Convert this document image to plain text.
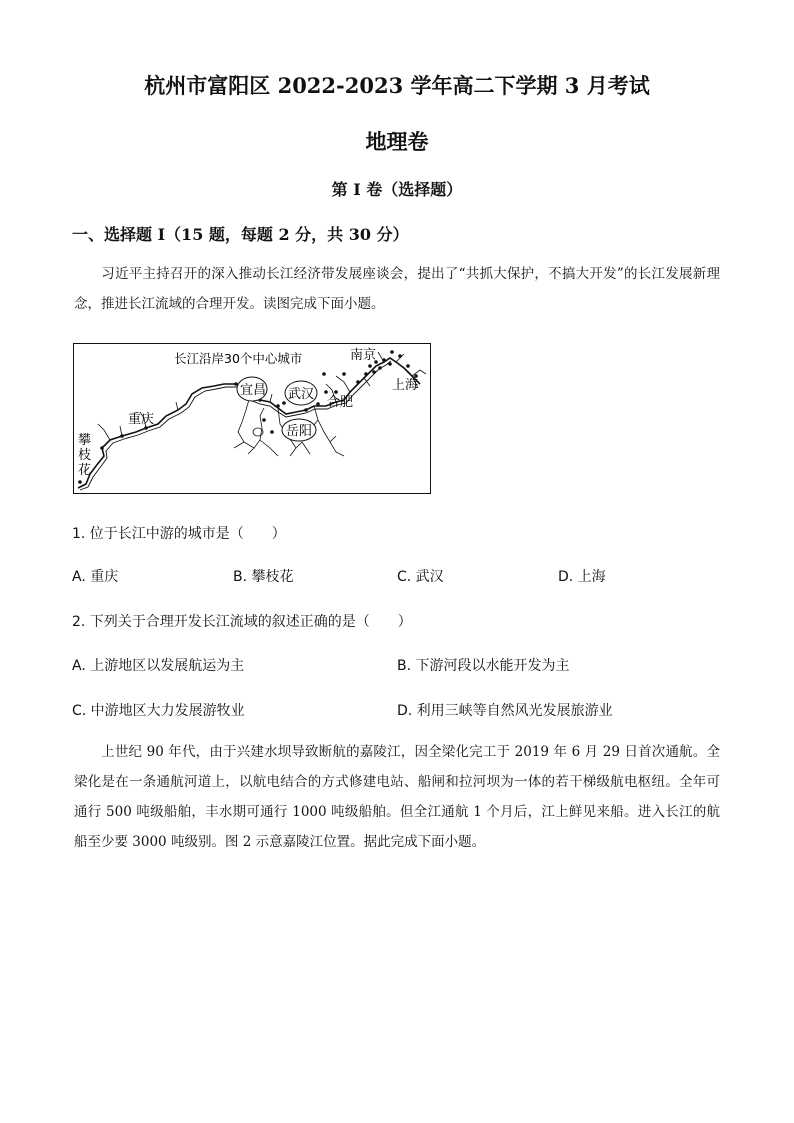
杭州市富阳区 2022-2023 学年高二下学期 3 月考试
地理卷
第 I 卷（选择题）
一、选择题 I（15 题，每题 2 分，共 30 分）
习近平主持召开的深入推动长江经济带发展座谈会，提出了“共抓大保护，不搞大开发”的长江发展新理念，推进长江流域的合理开发。读图完成下面小题。
长江沿岸30个中心城市	南京
上海
合肥
宜昌 武汉
岳阳
重庆
攀
枝
花
1. 位于长江中游的城市是（　　）
A. 重庆	B. 攀枝花	C. 武汉	D. 上海
2. 下列关于合理开发长江流域的叙述正确的是（　　）
A. 上游地区以发展航运为主	B. 下游河段以水能开发为主
C. 中游地区大力发展游牧业	D. 利用三峡等自然风光发展旅游业
上世纪 90 年代，由于兴建水坝导致断航的嘉陵江，因全梁化完工于 2019 年 6 月 29 日首次通航。全梁化是在一条通航河道上，以航电结合的方式修建电站、船闸和拉河坝为一体的若干梯级航电枢纽。全年可通行 500 吨级船舶，丰水期可通行 1000 吨级船舶。但全江通航 1 个月后，江上鲜见来船。进入长江的航船至少要 3000 吨级别。图 2 示意嘉陵江位置。据此完成下面小题。
